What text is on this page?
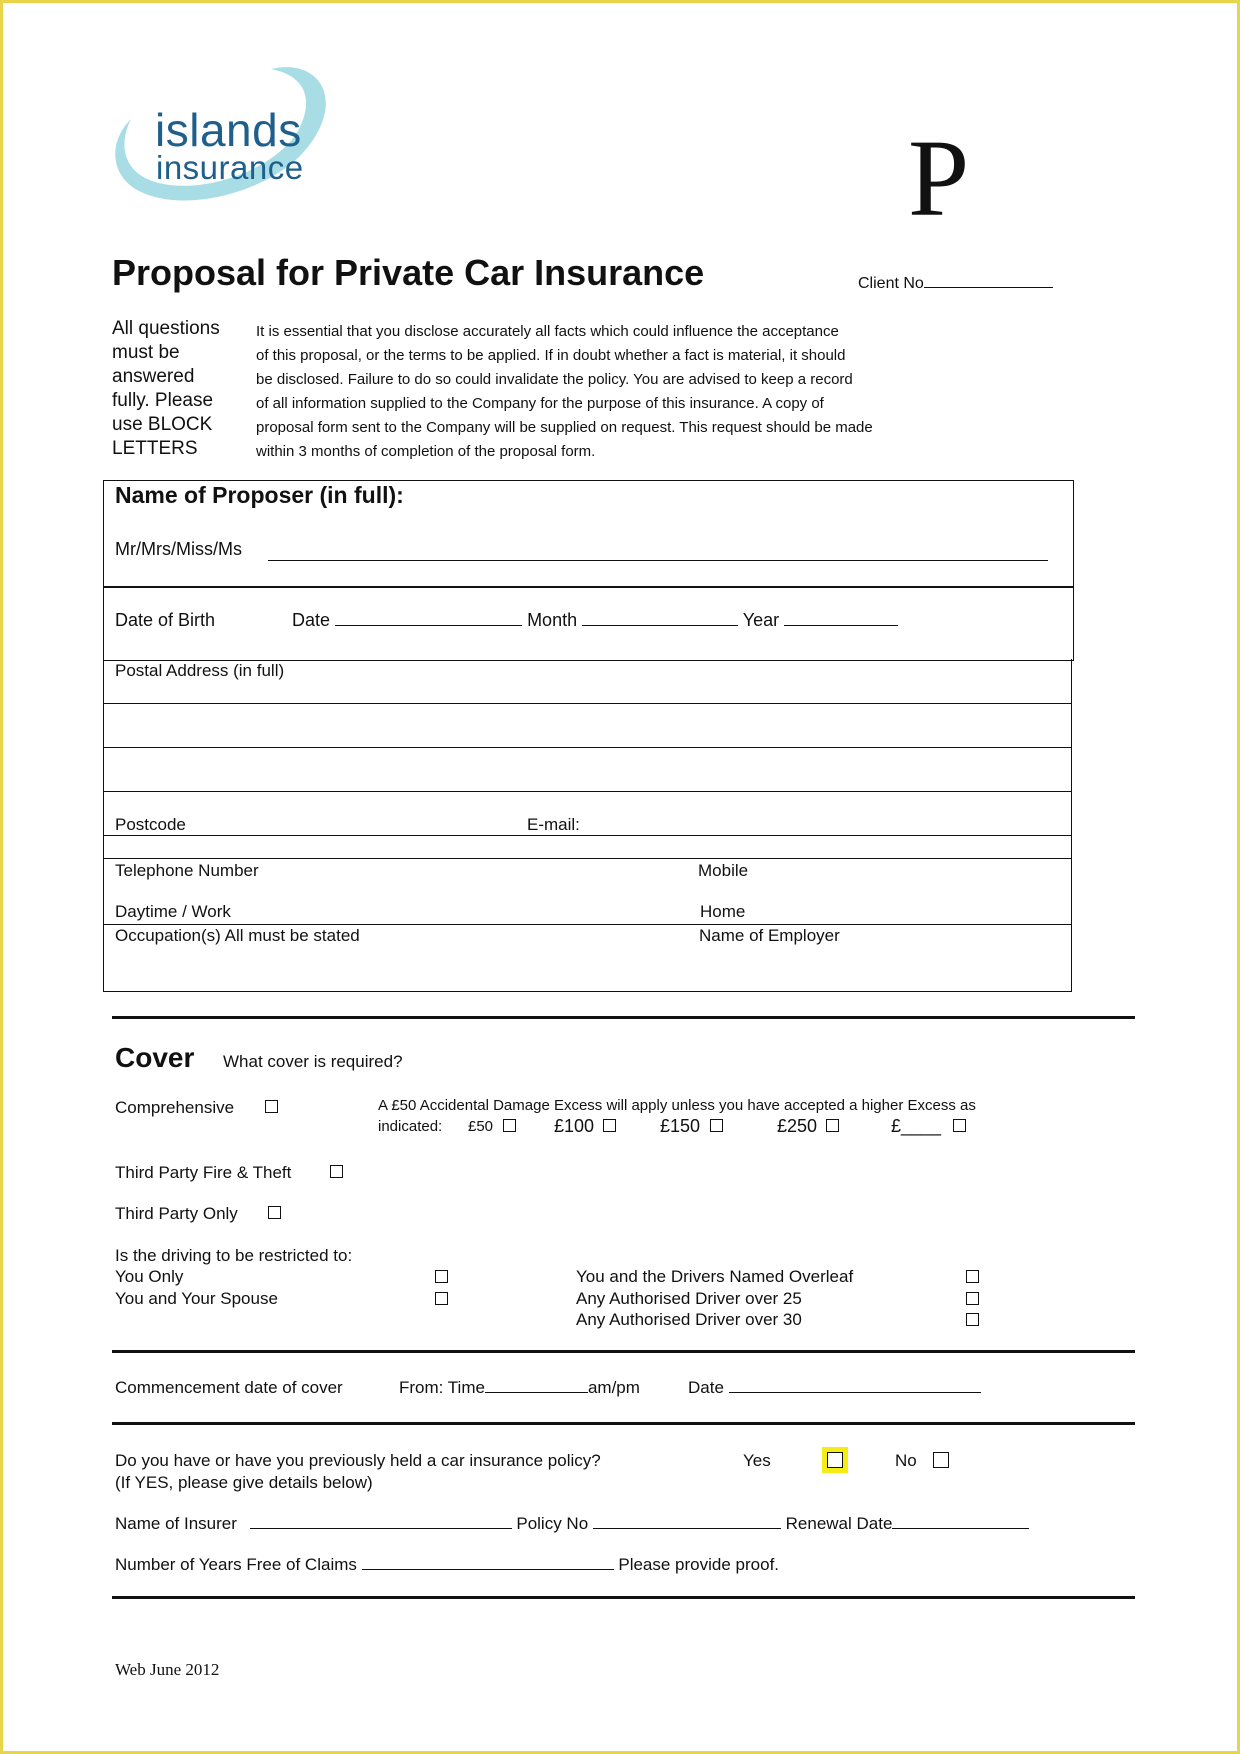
islands
insurance	P
Proposal for Private Car Insurance	Client No
All questions
must be
answered
fully. Please
use BLOCK
LETTERS
It is essential that you disclose accurately all facts which could influence the acceptance
of this proposal, or the terms to be applied. If in doubt whether a fact is material, it should
be disclosed. Failure to do so could invalidate the policy. You are advised to keep a record
of all information supplied to the Company for the purpose of this insurance. A copy of
proposal form sent to the Company will be supplied on request. This request should be made
within 3 months of completion of the proposal form.
Name of Proposer (in full):
Mr/Mrs/Miss/Ms
Date of Birth	Date	Month	Year
Postal Address (in full)
Postcode	E-mail:
Telephone Number	Mobile
Daytime / Work	Home
Occupation(s) All must be stated	Name of Employer
Cover What cover is required?
Comprehensive	A £50 Accidental Damage Excess will apply unless you have accepted a higher Excess as
indicated: £50	£100	£150	£250	£____
Third Party Fire & Theft
Third Party Only
Is the driving to be restricted to:
You Only
You and Your Spouse
You and the Drivers Named Overleaf
Any Authorised Driver over 25
Any Authorised Driver over 30
Commencement date of cover	From: Time	am/pm	Date
Do you have or have you previously held a car insurance policy?
(If YES, please give details below)
Yes	No
Name of Insurer	Policy No	Renewal Date
Number of Years Free of Claims	Please provide proof.
Web June 2012
